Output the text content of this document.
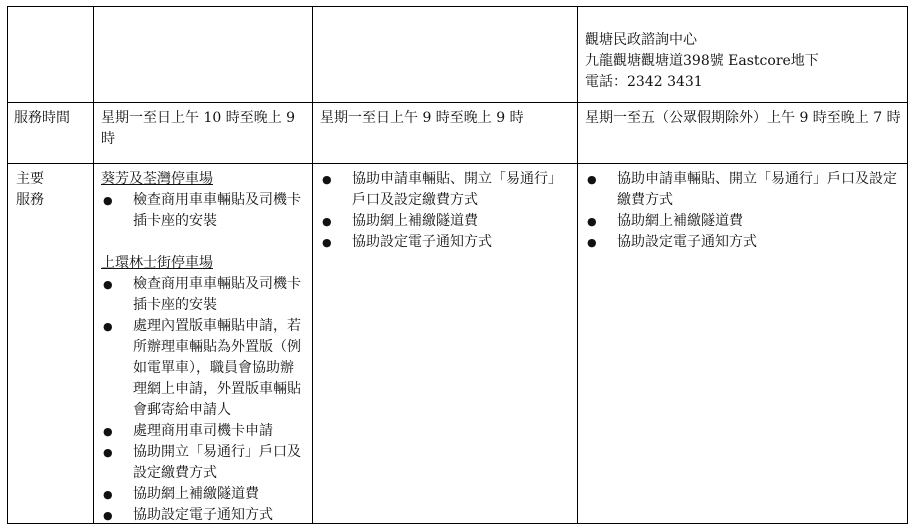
觀塘民政諮詢中心
九龍觀塘觀塘道398號 Eastcore地下
電話：2342 3431
服務時間	星期一至日上午 10 時至晚上 9 時
星期一至日上午 9 時至晚上 9 時	星期一至五（公眾假期除外）上午 9 時至晚上 7 時
主要
服務
葵芳及荃灣停車場
● 檢查商用車車輛貼及司機卡插卡座的安裝
上環林士街停車場
● 檢查商用車車輛貼及司機卡插卡座的安裝
● 處理內置版車輛貼申請，若所辦理車輛貼為外置版（例如電單車），職員會協助辦理網上申請，外置版車輛貼會郵寄給申請人
● 處理商用車司機卡申請
● 協助開立「易通行」戶口及設定繳費方式
● 協助網上補繳隧道費
● 協助設定電子通知方式
● 協助申請車輛貼、開立「易通行」戶口及設定繳費方式
● 協助網上補繳隧道費
● 協助設定電子通知方式
● 協助申請車輛貼、開立「易通行」戶口及設定繳費方式
● 協助網上補繳隧道費
● 協助設定電子通知方式
